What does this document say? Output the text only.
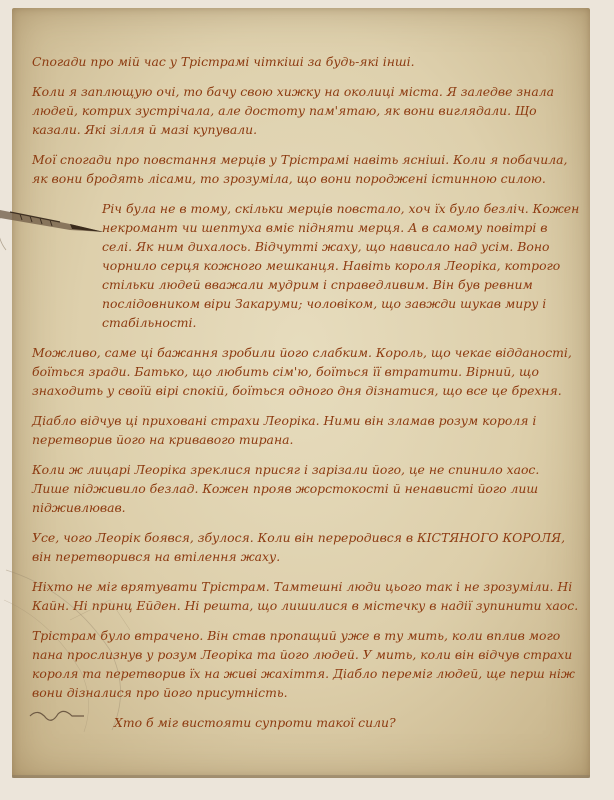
Спогади про мій час у Трістрамі чіткіші за будь-які інші.

Коли я заплющую очі, то бачу свою хижку на околиці міста. Я заледве знала людей, котрих зустрічала, але достоту пам'ятаю, як вони виглядали. Що казали. Які зілля й мазі купували.

Мої спогади про повстання мерців у Трістрамі навіть ясніші. Коли я побачила, як вони бродять лісами, то зрозуміла, що вони породжені істинною силою.

Річ була не в тому, скільки мерців повстало, хоч їх було безліч. Кожен некромант чи шептуха вміє підняти мерця. А в самому повітрі в селі. Як ним дихалось. Відчутті жаху, що нависало над усім. Воно чорнило серця кожного мешканця. Навіть короля Леоріка, котрого стільки людей вважали мудрим і справедливим. Він був ревним послідовником віри Закаруми; чоловіком, що завжди шукав миру і стабільності.

Можливо, саме ці бажання зробили його слабким. Король, що чекає відданості, боїться зради. Батько, що любить сім'ю, боїться її втратити. Вірний, що знаходить у своїй вірі спокій, боїться одного дня дізнатися, що все це брехня.

Діабло відчув ці приховані страхи Леоріка. Ними він зламав розум короля і перетворив його на кривавого тирана.

Коли ж лицарі Леоріка зреклися присяг і зарізали його, це не спинило хаос. Лише підживило безлад. Кожен прояв жорстокості й ненависті його лиш підживлював.

Усе, чого Леорік боявся, збулося. Коли він переродився в КІСТЯНОГО КОРОЛЯ, він перетворився на втілення жаху.

Ніхто не міг врятувати Трістрам. Тамтешні люди цього так і не зрозуміли. Ні Кайн. Ні принц Ейден. Ні решта, що лишилися в містечку в надії зупинити хаос.

Трістрам було втрачено. Він став пропащий уже в ту мить, коли вплив мого пана прослизнув у розум Леоріка та його людей. У мить, коли він відчув страхи короля та перетворив їх на живі жахіття. Діабло переміг людей, ще перш ніж вони дізналися про його присутність.

Хто б міг вистояти супроти такої сили?
